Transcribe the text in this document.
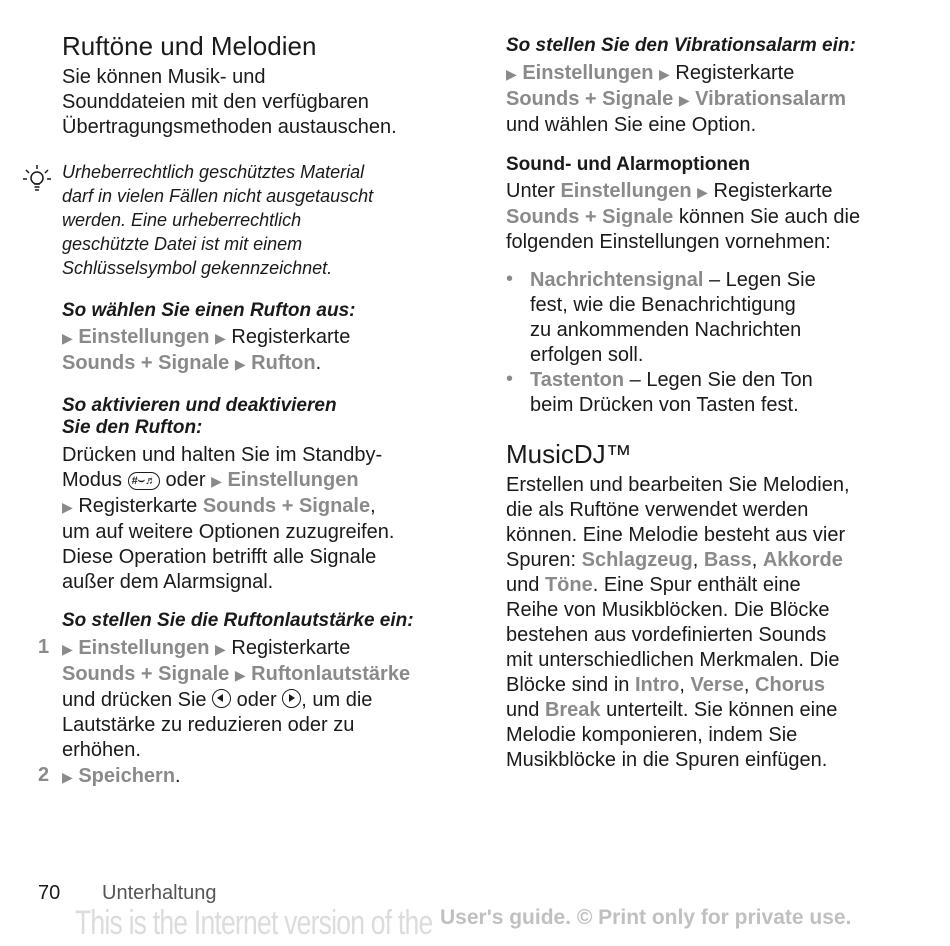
Ruftöne und Melodien
Sie können Musik- und
Sounddateien mit den verfügbaren
Übertragungsmethoden austauschen.
Urheberrechtlich geschütztes Material
darf in vielen Fällen nicht ausgetauscht
werden. Eine urheberrechtlich
geschützte Datei ist mit einem
Schlüsselsymbol gekennzeichnet.
So wählen Sie einen Rufton aus:
▶ Einstellungen ▶ Registerkarte
Sounds + Signale ▶ Rufton.
So aktivieren und deaktivieren
Sie den Rufton:
Drücken und halten Sie im Standby-
Modus #⌣♬ oder ▶ Einstellungen
▶ Registerkarte Sounds + Signale,
um auf weitere Optionen zuzugreifen.
Diese Operation betrifft alle Signale
außer dem Alarmsignal.
So stellen Sie die Ruftonlautstärke ein:
1 ▶ Einstellungen ▶ Registerkarte
Sounds + Signale ▶ Ruftonlautstärke
und drücken Sie oder , um die
Lautstärke zu reduzieren oder zu
erhöhen.
2 ▶ Speichern.
So stellen Sie den Vibrationsalarm ein:
▶ Einstellungen ▶ Registerkarte
Sounds + Signale ▶ Vibrationsalarm
und wählen Sie eine Option.
Sound- und Alarmoptionen
Unter Einstellungen ▶ Registerkarte
Sounds + Signale können Sie auch die
folgenden Einstellungen vornehmen:
• Nachrichtensignal – Legen Sie
fest, wie die Benachrichtigung
zu ankommenden Nachrichten
erfolgen soll.
• Tastenton – Legen Sie den Ton
beim Drücken von Tasten fest.
MusicDJ™
Erstellen und bearbeiten Sie Melodien,
die als Ruftöne verwendet werden
können. Eine Melodie besteht aus vier
Spuren: Schlagzeug, Bass, Akkorde
und Töne. Eine Spur enthält eine
Reihe von Musikblöcken. Die Blöcke
bestehen aus vordefinierten Sounds
mit unterschiedlichen Merkmalen. Die
Blöcke sind in Intro, Verse, Chorus
und Break unterteilt. Sie können eine
Melodie komponieren, indem Sie
Musikblöcke in die Spuren einfügen.
70 Unterhaltung
This is the Internet version of the User's guide. © Print only for private use.
